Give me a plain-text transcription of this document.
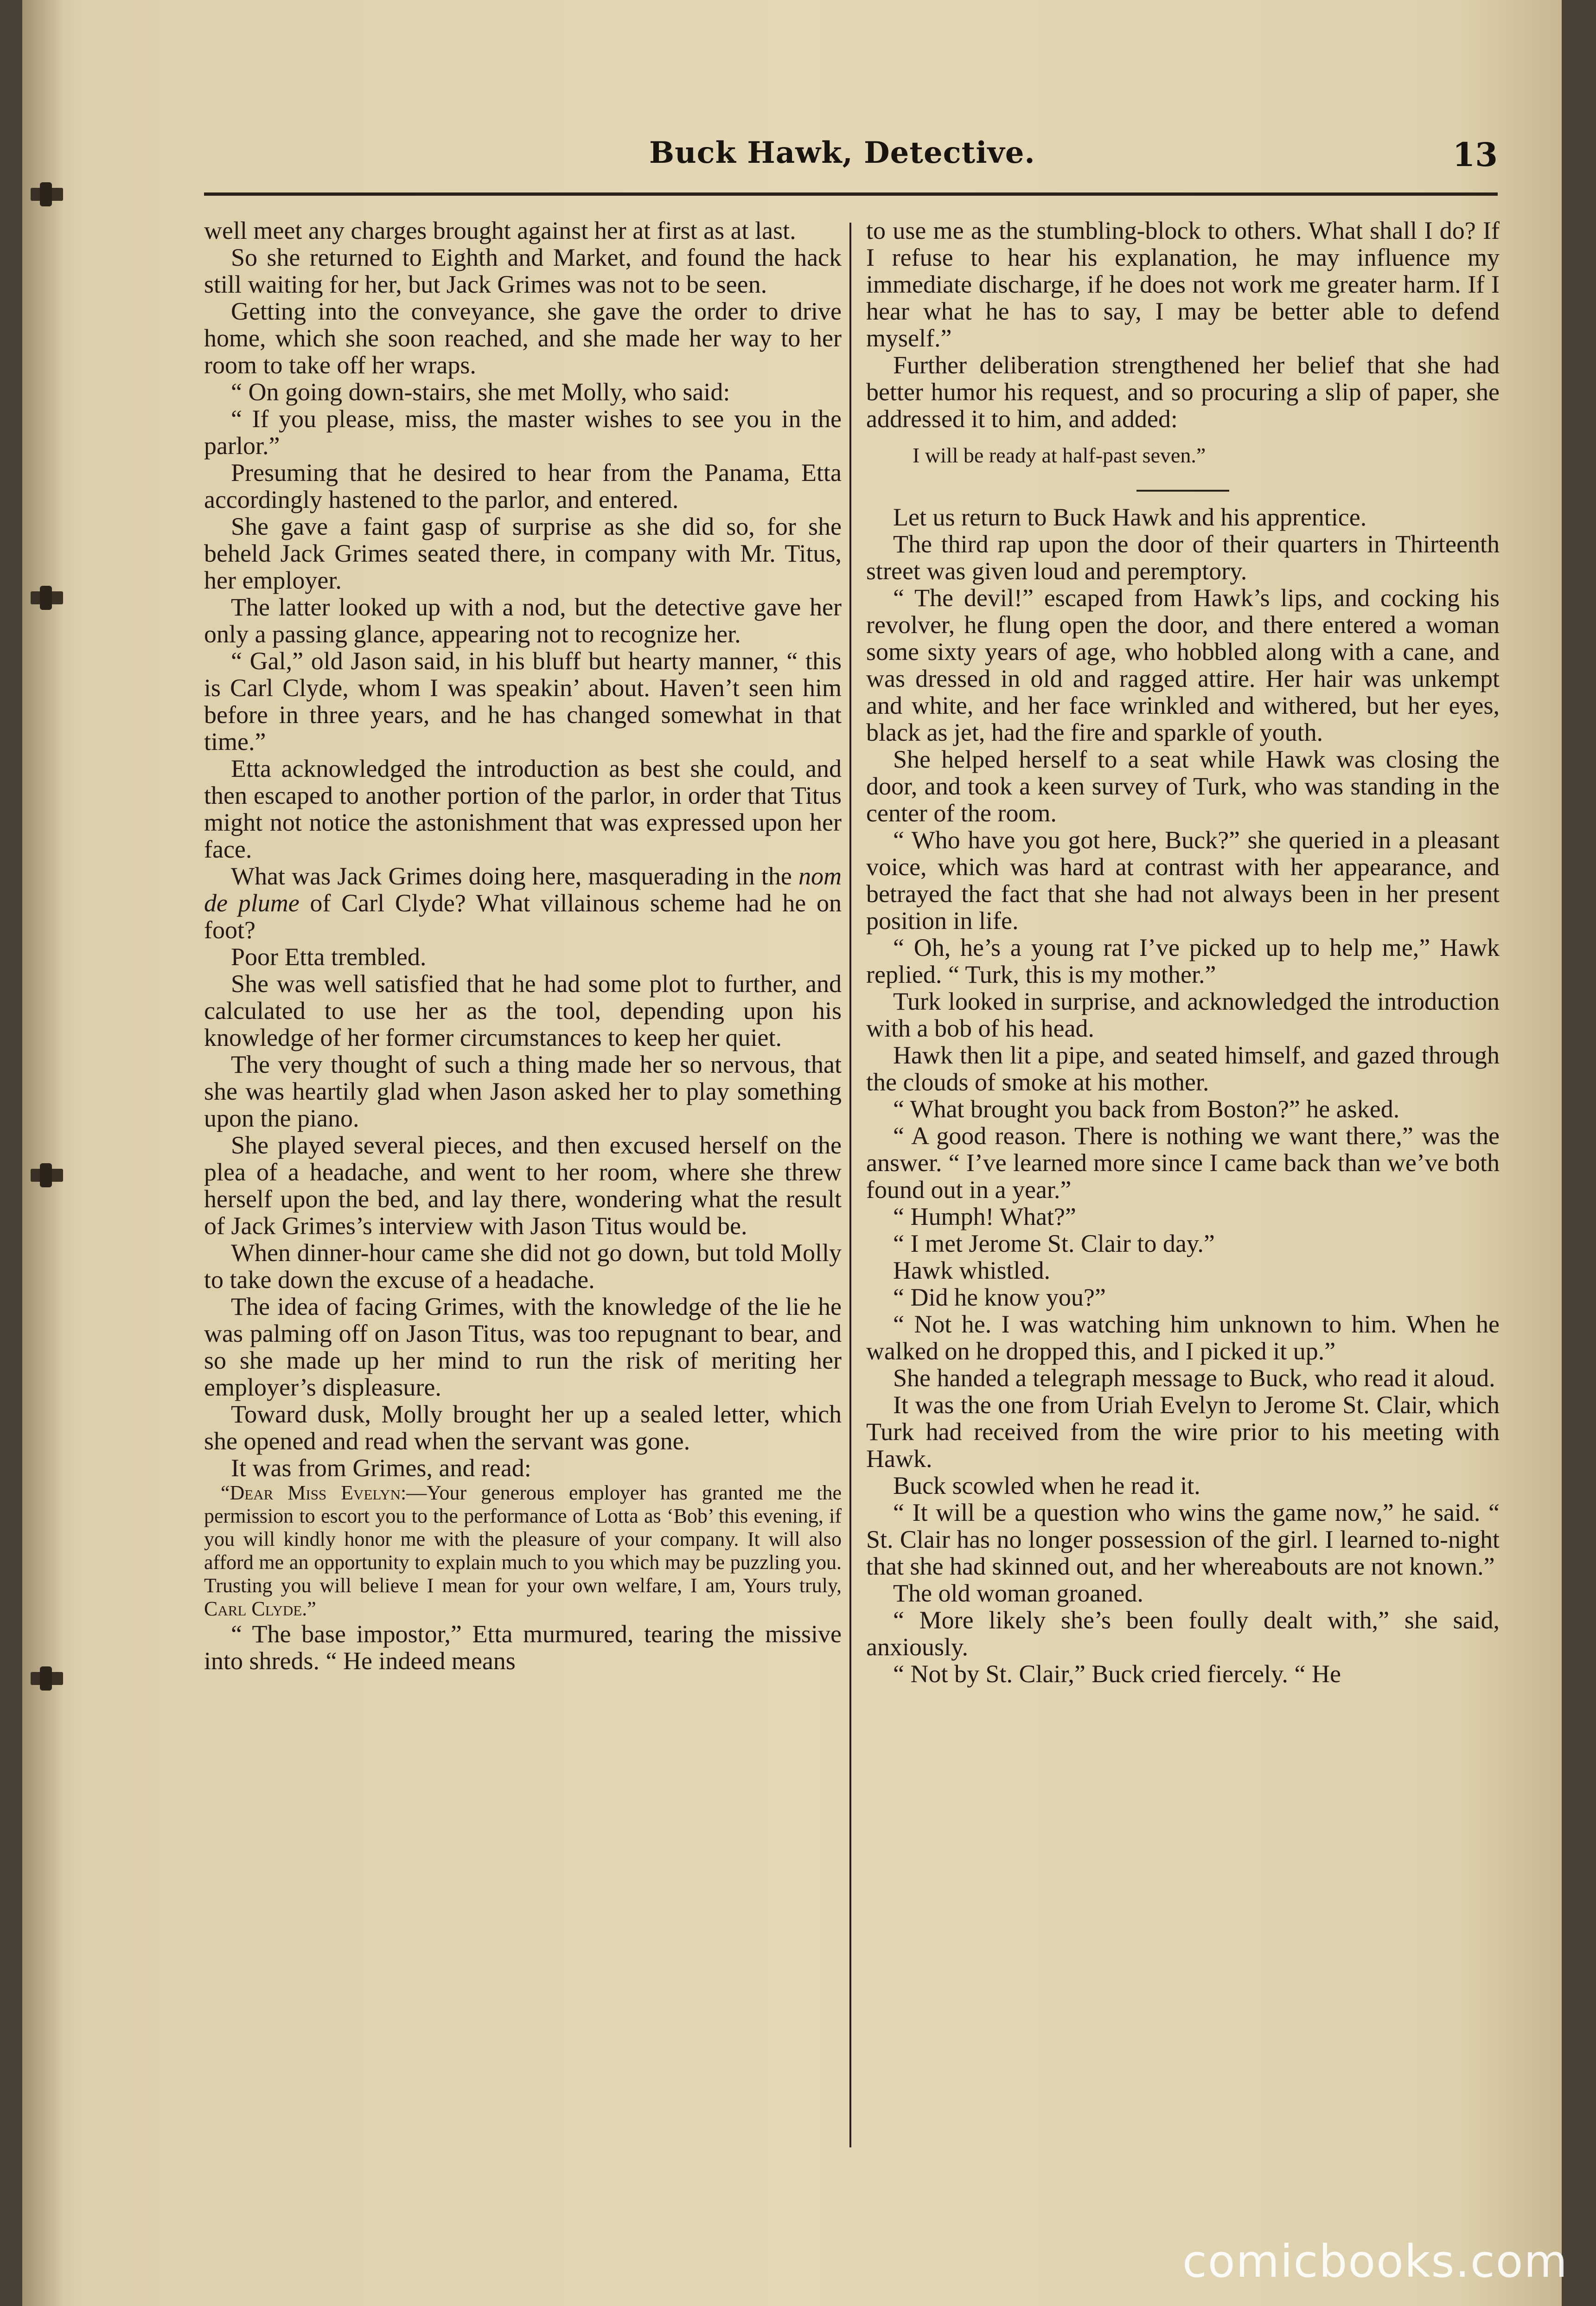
Buck Hawk, Detective.	13

well meet any charges brought against her at first as at last.

So she returned to Eighth and Market, and found the hack still waiting for her, but Jack Grimes was not to be seen.

Getting into the conveyance, she gave the order to drive home, which she soon reached, and she made her way to her room to take off her wraps.

“ On going down-stairs, she met Molly, who said:

“ If you please, miss, the master wishes to see you in the parlor.”

Presuming that he desired to hear from the Panama, Etta accordingly hastened to the parlor, and entered.

She gave a faint gasp of surprise as she did so, for she beheld Jack Grimes seated there, in company with Mr. Titus, her employer.

The latter looked up with a nod, but the detective gave her only a passing glance, appearing not to recognize her.

“ Gal,” old Jason said, in his bluff but hearty manner, “ this is Carl Clyde, whom I was speakin’ about. Haven’t seen him before in three years, and he has changed somewhat in that time.”

Etta acknowledged the introduction as best she could, and then escaped to another portion of the parlor, in order that Titus might not notice the astonishment that was expressed upon her face.

What was Jack Grimes doing here, masquerading in the nom de plume of Carl Clyde? What villainous scheme had he on foot?

Poor Etta trembled.

She was well satisfied that he had some plot to further, and calculated to use her as the tool, depending upon his knowledge of her former circumstances to keep her quiet.

The very thought of such a thing made her so nervous, that she was heartily glad when Jason asked her to play something upon the piano.

She played several pieces, and then excused herself on the plea of a headache, and went to her room, where she threw herself upon the bed, and lay there, wondering what the result of Jack Grimes’s interview with Jason Titus would be.

When dinner-hour came she did not go down, but told Molly to take down the excuse of a headache.

The idea of facing Grimes, with the knowledge of the lie he was palming off on Jason Titus, was too repugnant to bear, and so she made up her mind to run the risk of meriting her employer’s displeasure.

Toward dusk, Molly brought her up a sealed letter, which she opened and read when the servant was gone.

It was from Grimes, and read:

“Dear Miss Evelyn:—Your generous employer has granted me the permission to escort you to the performance of Lotta as ‘Bob’ this evening, if you will kindly honor me with the pleasure of your company. It will also afford me an opportunity to explain much to you which may be puzzling you. Trusting you will believe I mean for your own welfare, I am, Yours truly, Carl Clyde.”

“ The base impostor,” Etta murmured, tearing the missive into shreds. “ He indeed means

to use me as the stumbling-block to others. What shall I do? If I refuse to hear his explanation, he may influence my immediate discharge, if he does not work me greater harm. If I hear what he has to say, I may be better able to defend myself.”

Further deliberation strengthened her belief that she had better humor his request, and so procuring a slip of paper, she addressed it to him, and added:

I will be ready at half-past seven.”

Let us return to Buck Hawk and his apprentice.

The third rap upon the door of their quarters in Thirteenth street was given loud and peremptory.

“ The devil!” escaped from Hawk’s lips, and cocking his revolver, he flung open the door, and there entered a woman some sixty years of age, who hobbled along with a cane, and was dressed in old and ragged attire. Her hair was unkempt and white, and her face wrinkled and withered, but her eyes, black as jet, had the fire and sparkle of youth.

She helped herself to a seat while Hawk was closing the door, and took a keen survey of Turk, who was standing in the center of the room.

“ Who have you got here, Buck?” she queried in a pleasant voice, which was hard at contrast with her appearance, and betrayed the fact that she had not always been in her present position in life.

“ Oh, he’s a young rat I’ve picked up to help me,” Hawk replied. “ Turk, this is my mother.”

Turk looked in surprise, and acknowledged the introduction with a bob of his head.

Hawk then lit a pipe, and seated himself, and gazed through the clouds of smoke at his mother.

“ What brought you back from Boston?” he asked.

“ A good reason. There is nothing we want there,” was the answer. “ I’ve learned more since I came back than we’ve both found out in a year.”

“ Humph! What?”

“ I met Jerome St. Clair to day.”

Hawk whistled.

“ Did he know you?”

“ Not he. I was watching him unknown to him. When he walked on he dropped this, and I picked it up.”

She handed a telegraph message to Buck, who read it aloud.

It was the one from Uriah Evelyn to Jerome St. Clair, which Turk had received from the wire prior to his meeting with Hawk.

Buck scowled when he read it.

“ It will be a question who wins the game now,” he said. “ St. Clair has no longer possession of the girl. I learned to-night that she had skinned out, and her whereabouts are not known.”

The old woman groaned.

“ More likely she’s been foully dealt with,” she said, anxiously.

“ Not by St. Clair,” Buck cried fiercely. “ He

comicbooks.com
